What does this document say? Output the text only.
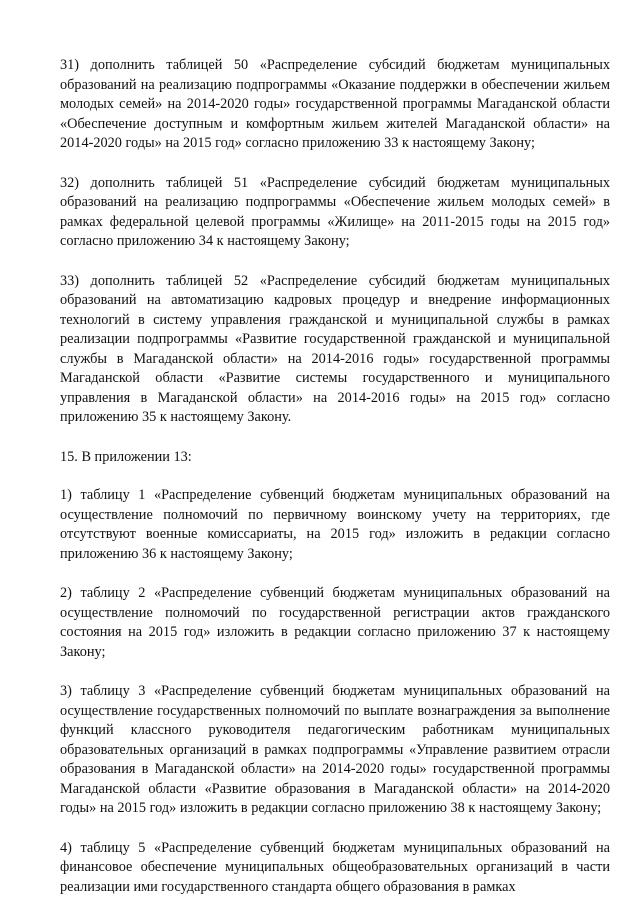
31) дополнить таблицей 50 «Распределение субсидий бюджетам муниципальных образований на реализацию подпрограммы «Оказание поддержки в обеспечении жильем молодых семей» на 2014-2020 годы» государственной программы Магаданской области «Обеспечение доступным и комфортным жильем жителей Магаданской области» на 2014-2020 годы» на 2015 год» согласно приложению 33 к настоящему Закону;

32) дополнить таблицей 51 «Распределение субсидий бюджетам муниципальных образований на реализацию подпрограммы «Обеспечение жильем молодых семей» в рамках федеральной целевой программы «Жилище» на 2011-2015 годы на 2015 год» согласно приложению 34 к настоящему Закону;

33) дополнить таблицей 52 «Распределение субсидий бюджетам муниципальных образований на автоматизацию кадровых процедур и внедрение информационных технологий в систему управления гражданской и муниципальной службы в рамках реализации подпрограммы «Развитие государственной гражданской и муниципальной службы в Магаданской области» на 2014-2016 годы» государственной программы Магаданской области «Развитие системы государственного и муниципального управления в Магаданской области» на 2014-2016 годы» на 2015 год» согласно приложению 35 к настоящему Закону.

15. В приложении 13:

1) таблицу 1 «Распределение субвенций бюджетам муниципальных образований на осуществление полномочий по первичному воинскому учету на территориях, где отсутствуют военные комиссариаты, на 2015 год» изложить в редакции согласно приложению 36 к настоящему Закону;

2) таблицу 2 «Распределение субвенций бюджетам муниципальных образований на осуществление полномочий по государственной регистрации актов гражданского состояния на 2015 год» изложить в редакции согласно приложению 37 к настоящему Закону;

3) таблицу 3 «Распределение субвенций бюджетам муниципальных образований на осуществление государственных полномочий по выплате вознаграждения за выполнение функций классного руководителя педагогическим работникам муниципальных образовательных организаций в рамках подпрограммы «Управление развитием отрасли образования в Магаданской области» на 2014-2020 годы» государственной программы Магаданской области «Развитие образования в Магаданской области» на 2014-2020 годы» на 2015 год» изложить в редакции согласно приложению 38 к настоящему Закону;

4) таблицу 5 «Распределение субвенций бюджетам муниципальных образований на финансовое обеспечение муниципальных общеобразовательных организаций в части реализации ими государственного стандарта общего образования в рамках
